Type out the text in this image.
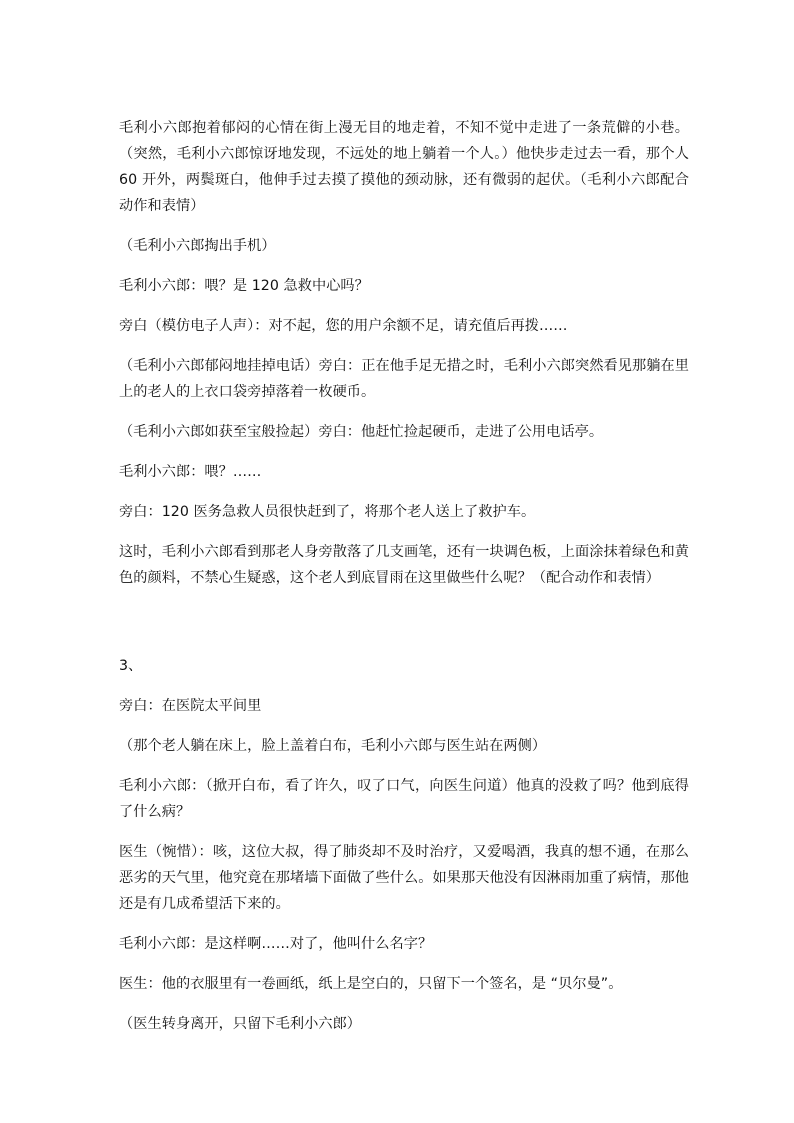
毛利小六郎抱着郁闷的心情在街上漫无目的地走着，不知不觉中走进了一条荒僻的小巷。（突然，毛利小六郎惊讶地发现，不远处的地上躺着一个人。）他快步走过去一看，那个人 60 开外，两鬓斑白，他伸手过去摸了摸他的颈动脉，还有微弱的起伏。（毛利小六郎配合动作和表情）

（毛利小六郎掏出手机）

毛利小六郎：喂？是 120 急救中心吗？

旁白（模仿电子人声）：对不起，您的用户余额不足，请充值后再拨……

（毛利小六郎郁闷地挂掉电话）旁白：正在他手足无措之时，毛利小六郎突然看见那躺在里上的老人的上衣口袋旁掉落着一枚硬币。

（毛利小六郎如获至宝般捡起）旁白：他赶忙捡起硬币，走进了公用电话亭。

毛利小六郎：喂？……

旁白：120 医务急救人员很快赶到了，将那个老人送上了救护车。

这时，毛利小六郎看到那老人身旁散落了几支画笔，还有一块调色板，上面涂抹着绿色和黄色的颜料，不禁心生疑惑，这个老人到底冒雨在这里做些什么呢？（配合动作和表情）

3、

旁白：在医院太平间里

（那个老人躺在床上，脸上盖着白布，毛利小六郎与医生站在两侧）

毛利小六郎：（掀开白布，看了许久，叹了口气，向医生问道）他真的没救了吗？他到底得了什么病？

医生（惋惜）：咳，这位大叔，得了肺炎却不及时治疗，又爱喝酒，我真的想不通，在那么恶劣的天气里，他究竟在那堵墙下面做了些什么。如果那天他没有因淋雨加重了病情，那他还是有几成希望活下来的。

毛利小六郎：是这样啊……对了，他叫什么名字？

医生：他的衣服里有一卷画纸，纸上是空白的，只留下一个签名，是 “贝尔曼”。

（医生转身离开，只留下毛利小六郎）
